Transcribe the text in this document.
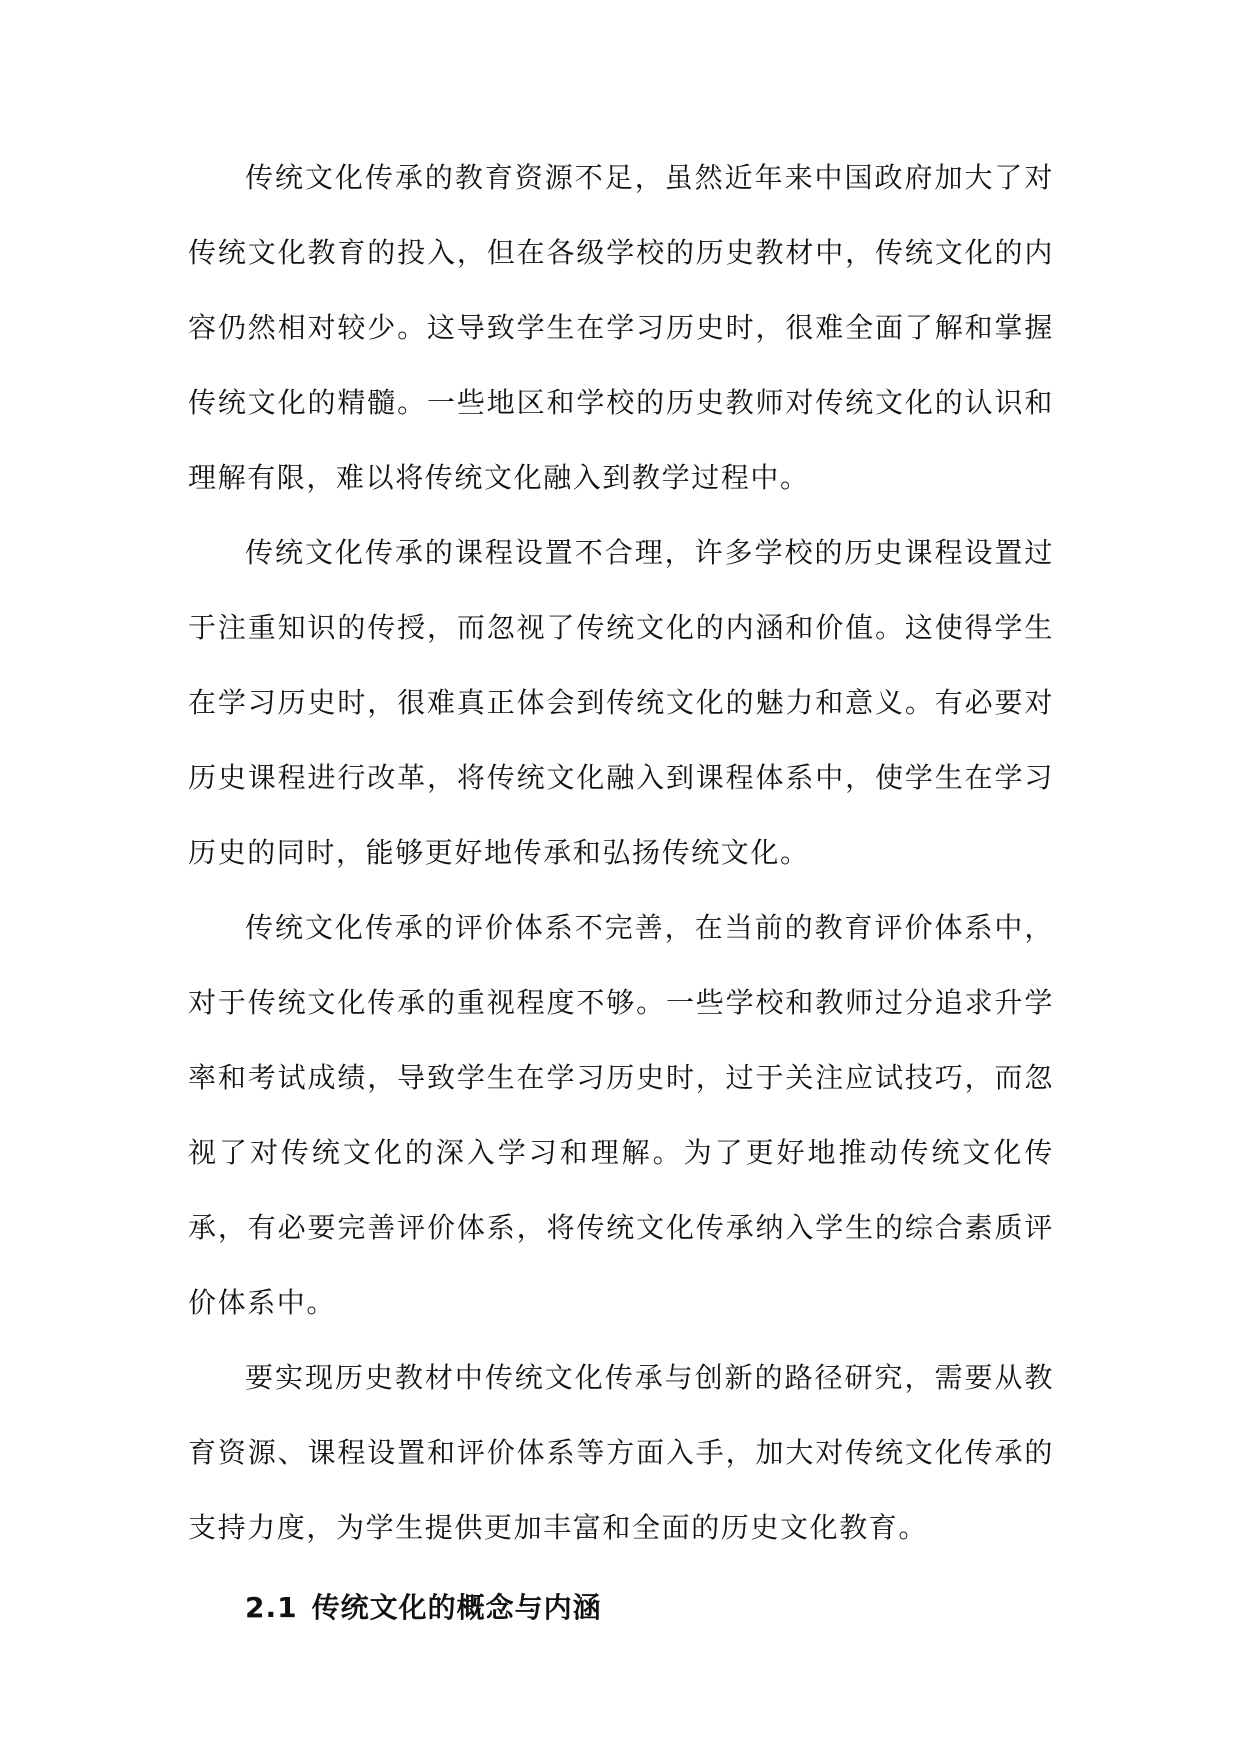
传统文化传承的教育资源不足，虽然近年来中国政府加大了对传统文化教育的投入，但在各级学校的历史教材中，传统文化的内容仍然相对较少。这导致学生在学习历史时，很难全面了解和掌握传统文化的精髓。一些地区和学校的历史教师对传统文化的认识和理解有限，难以将传统文化融入到教学过程中。

传统文化传承的课程设置不合理，许多学校的历史课程设置过于注重知识的传授，而忽视了传统文化的内涵和价值。这使得学生在学习历史时，很难真正体会到传统文化的魅力和意义。有必要对历史课程进行改革，将传统文化融入到课程体系中，使学生在学习历史的同时，能够更好地传承和弘扬传统文化。

传统文化传承的评价体系不完善，在当前的教育评价体系中，对于传统文化传承的重视程度不够。一些学校和教师过分追求升学率和考试成绩，导致学生在学习历史时，过于关注应试技巧，而忽视了对传统文化的深入学习和理解。为了更好地推动传统文化传承，有必要完善评价体系，将传统文化传承纳入学生的综合素质评价体系中。

要实现历史教材中传统文化传承与创新的路径研究，需要从教育资源、课程设置和评价体系等方面入手，加大对传统文化传承的支持力度，为学生提供更加丰富和全面的历史文化教育。

2.1 传统文化的概念与内涵
